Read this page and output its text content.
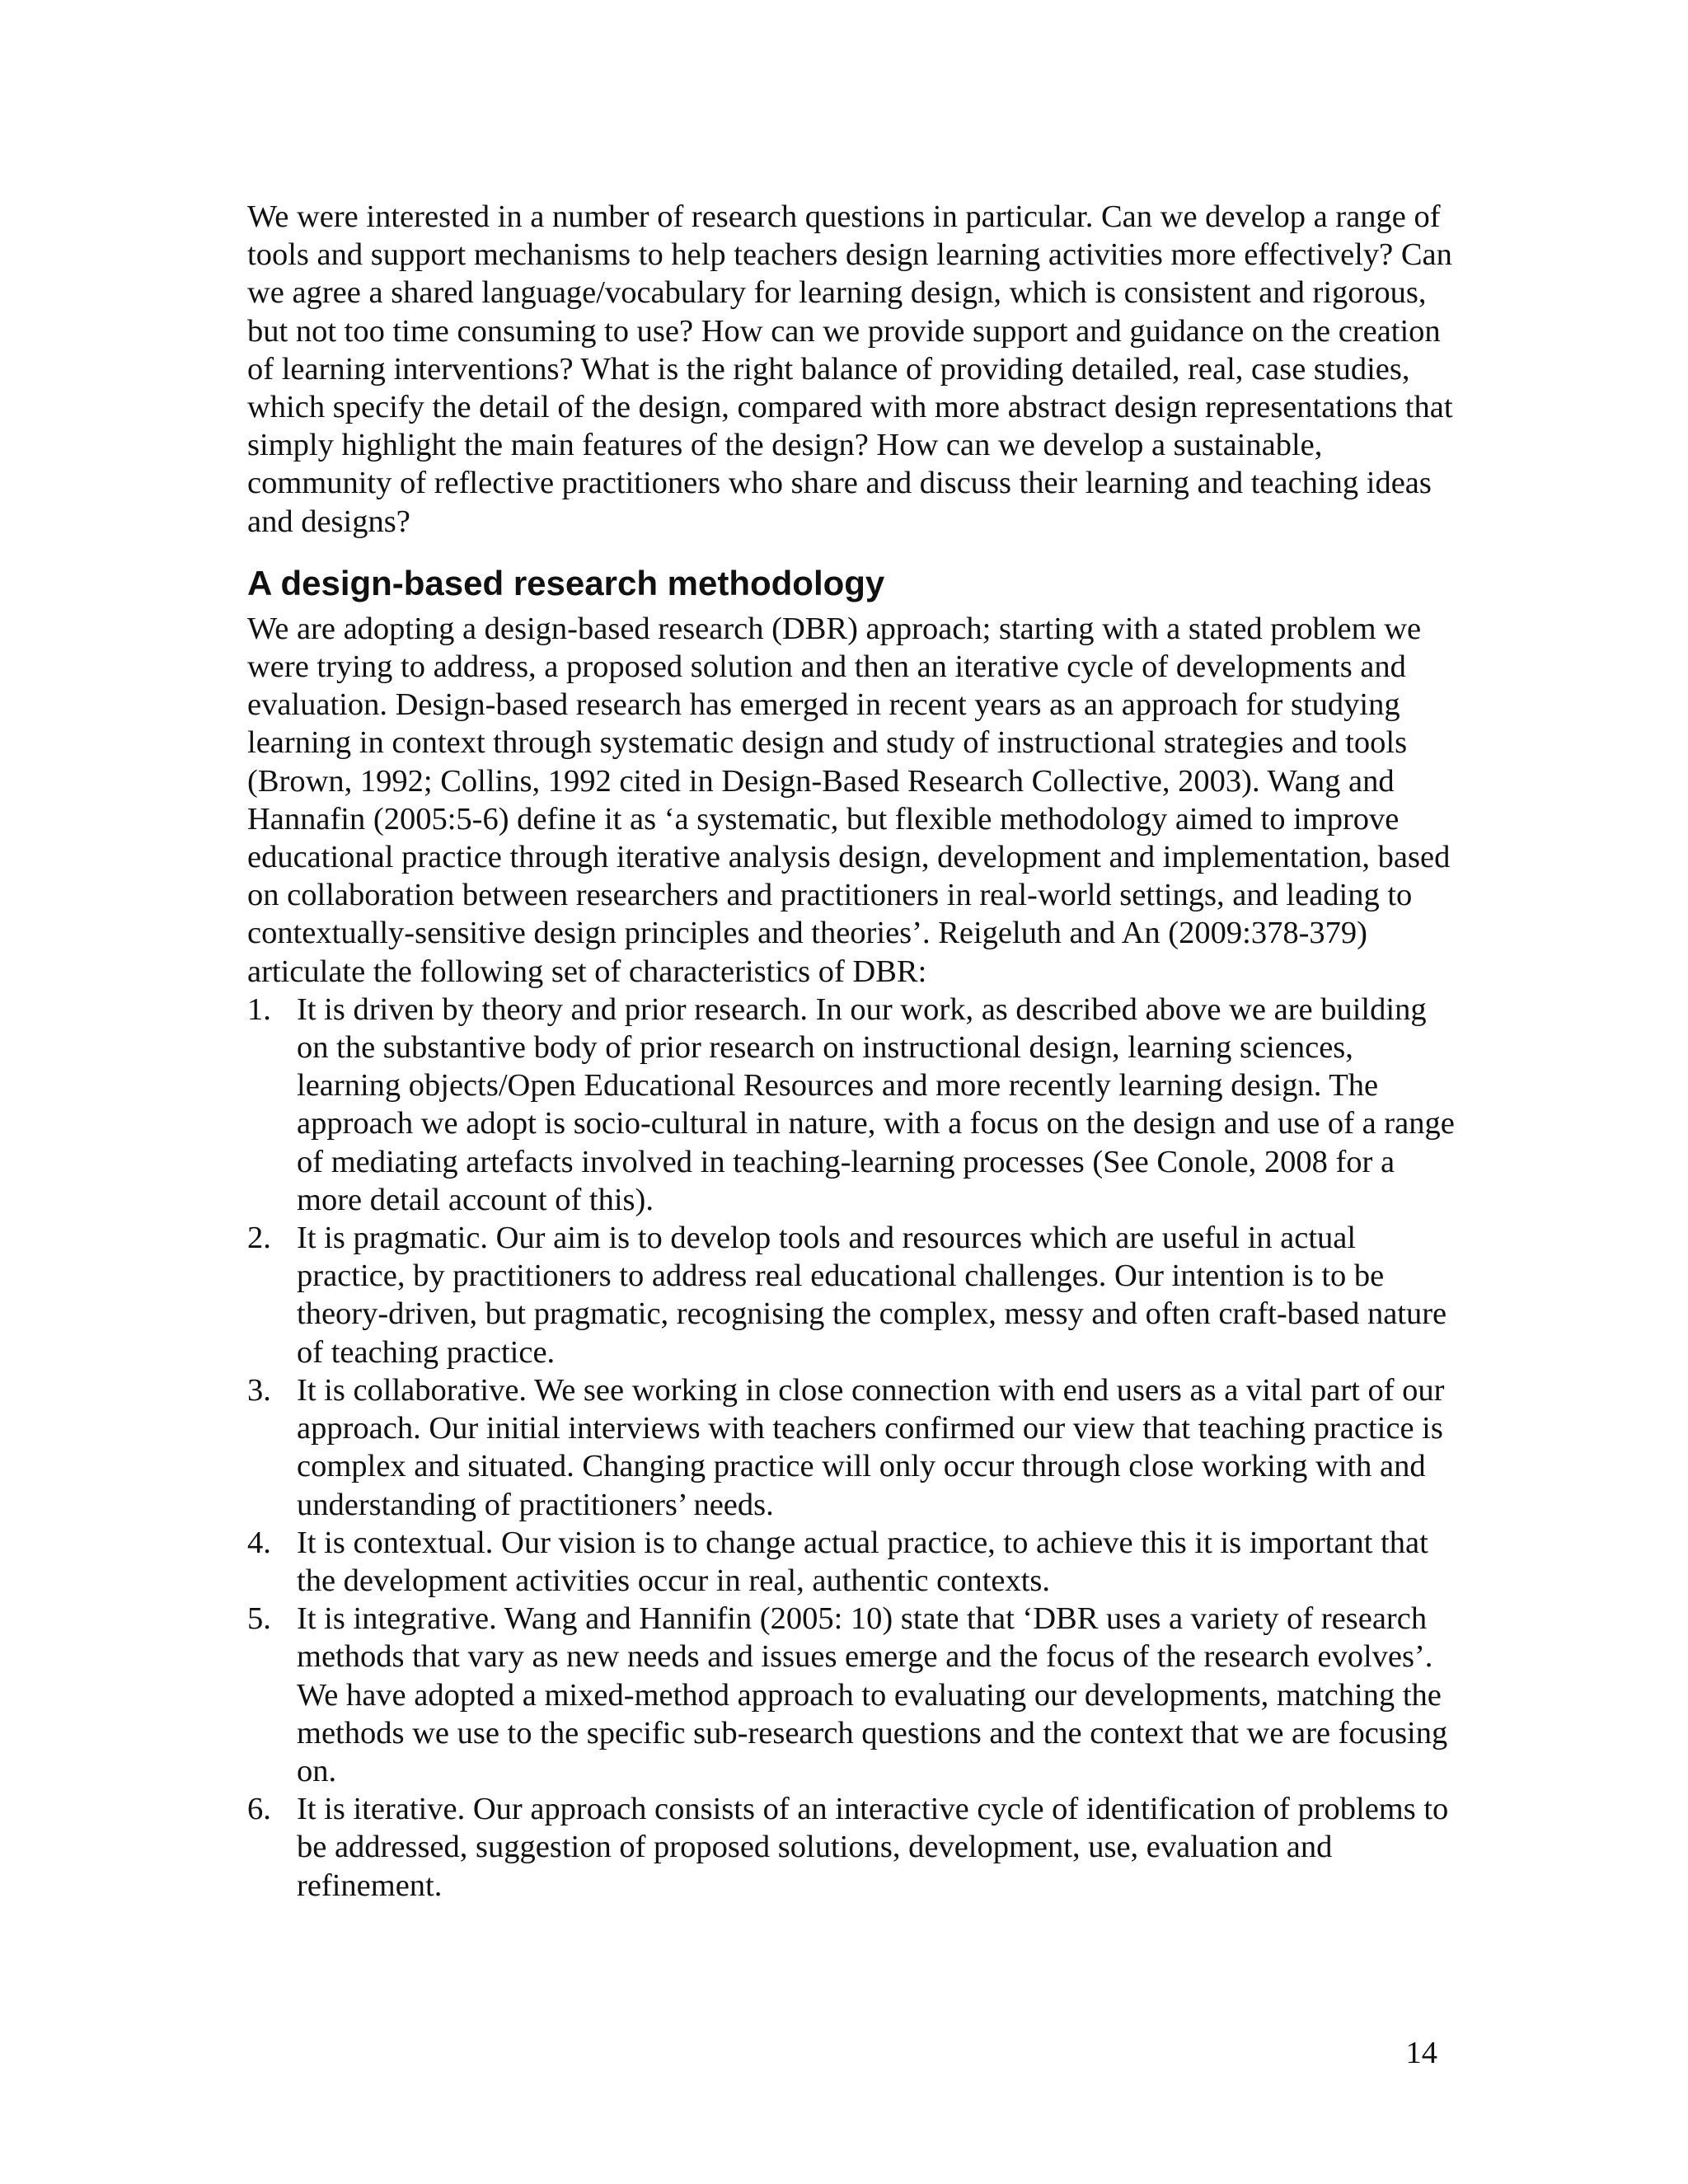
We were interested in a number of research questions in particular. Can we develop a range of tools and support mechanisms to help teachers design learning activities more effectively? Can we agree a shared language/vocabulary for learning design, which is consistent and rigorous, but not too time consuming to use? How can we provide support and guidance on the creation of learning interventions? What is the right balance of providing detailed, real, case studies, which specify the detail of the design, compared with more abstract design representations that simply highlight the main features of the design? How can we develop a sustainable, community of reflective practitioners who share and discuss their learning and teaching ideas and designs?

A design-based research methodology

We are adopting a design-based research (DBR) approach; starting with a stated problem we were trying to address, a proposed solution and then an iterative cycle of developments and evaluation. Design-based research has emerged in recent years as an approach for studying learning in context through systematic design and study of instructional strategies and tools (Brown, 1992; Collins, 1992 cited in Design-Based Research Collective, 2003). Wang and Hannafin (2005:5-6) define it as ‘a systematic, but flexible methodology aimed to improve educational practice through iterative analysis design, development and implementation, based on collaboration between researchers and practitioners in real-world settings, and leading to contextually-sensitive design principles and theories’. Reigeluth and An (2009:378-379) articulate the following set of characteristics of DBR:

1. It is driven by theory and prior research. In our work, as described above we are building on the substantive body of prior research on instructional design, learning sciences, learning objects/Open Educational Resources and more recently learning design. The approach we adopt is socio-cultural in nature, with a focus on the design and use of a range of mediating artefacts involved in teaching-learning processes (See Conole, 2008 for a more detail account of this).
2. It is pragmatic. Our aim is to develop tools and resources which are useful in actual practice, by practitioners to address real educational challenges. Our intention is to be theory-driven, but pragmatic, recognising the complex, messy and often craft-based nature of teaching practice.
3. It is collaborative. We see working in close connection with end users as a vital part of our approach. Our initial interviews with teachers confirmed our view that teaching practice is complex and situated. Changing practice will only occur through close working with and understanding of practitioners’ needs.
4. It is contextual. Our vision is to change actual practice, to achieve this it is important that the development activities occur in real, authentic contexts.
5. It is integrative. Wang and Hannifin (2005: 10) state that ‘DBR uses a variety of research methods that vary as new needs and issues emerge and the focus of the research evolves’. We have adopted a mixed-method approach to evaluating our developments, matching the methods we use to the specific sub-research questions and the context that we are focusing on.
6. It is iterative. Our approach consists of an interactive cycle of identification of problems to be addressed, suggestion of proposed solutions, development, use, evaluation and refinement.
14
